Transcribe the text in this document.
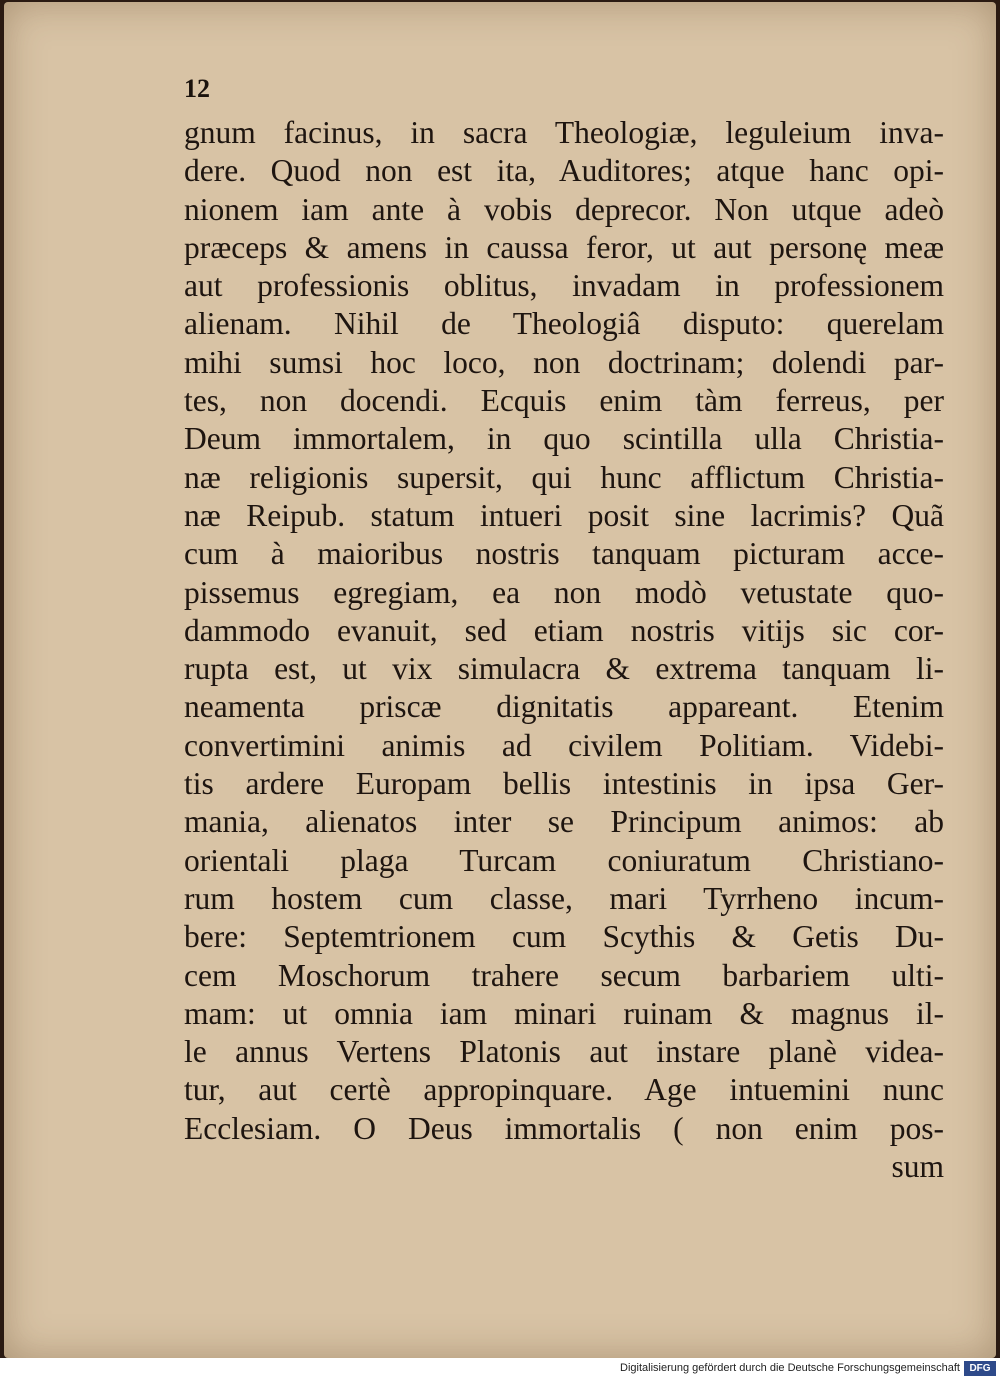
12
gnum facinus, in sacra Theologiæ, leguleium inva-
dere. Quod non est ita, Auditores; atque hanc opi-
nionem iam ante à vobis deprecor. Non utque adeò
præceps & amens in caussa feror, ut aut personę meæ
aut professionis oblitus, invadam in professionem
alienam. Nihil de Theologiâ disputo: querelam
mihi sumsi hoc loco, non doctrinam; dolendi par-
tes, non docendi. Ecquis enim tàm ferreus, per
Deum immortalem, in quo scintilla ulla Christia-
næ religionis supersit, qui hunc afflictum Christia-
næ Reipub. statum intueri posit sine lacrimis? Quã
cum à maioribus nostris tanquam picturam acce-
pissemus egregiam, ea non modò vetustate quo-
dammodo evanuit, sed etiam nostris vitijs sic cor-
rupta est, ut vix simulacra & extrema tanquam li-
neamenta priscæ dignitatis appareant. Etenim
convertimini animis ad civilem Politiam. Videbi-
tis ardere Europam bellis intestinis in ipsa Ger-
mania, alienatos inter se Principum animos: ab
orientali plaga Turcam coniuratum Christiano-
rum hostem cum classe, mari Tyrrheno incum-
bere: Septemtrionem cum Scythis & Getis Du-
cem Moschorum trahere secum barbariem ulti-
mam: ut omnia iam minari ruinam & magnus il-
le annus Vertens Platonis aut instare planè videa-
tur, aut certè appropinquare. Age intuemini nunc
Ecclesiam. O Deus immortalis ( non enim pos-
sum
Digitalisierung gefördert durch die Deutsche Forschungsgemeinschaft DFG
